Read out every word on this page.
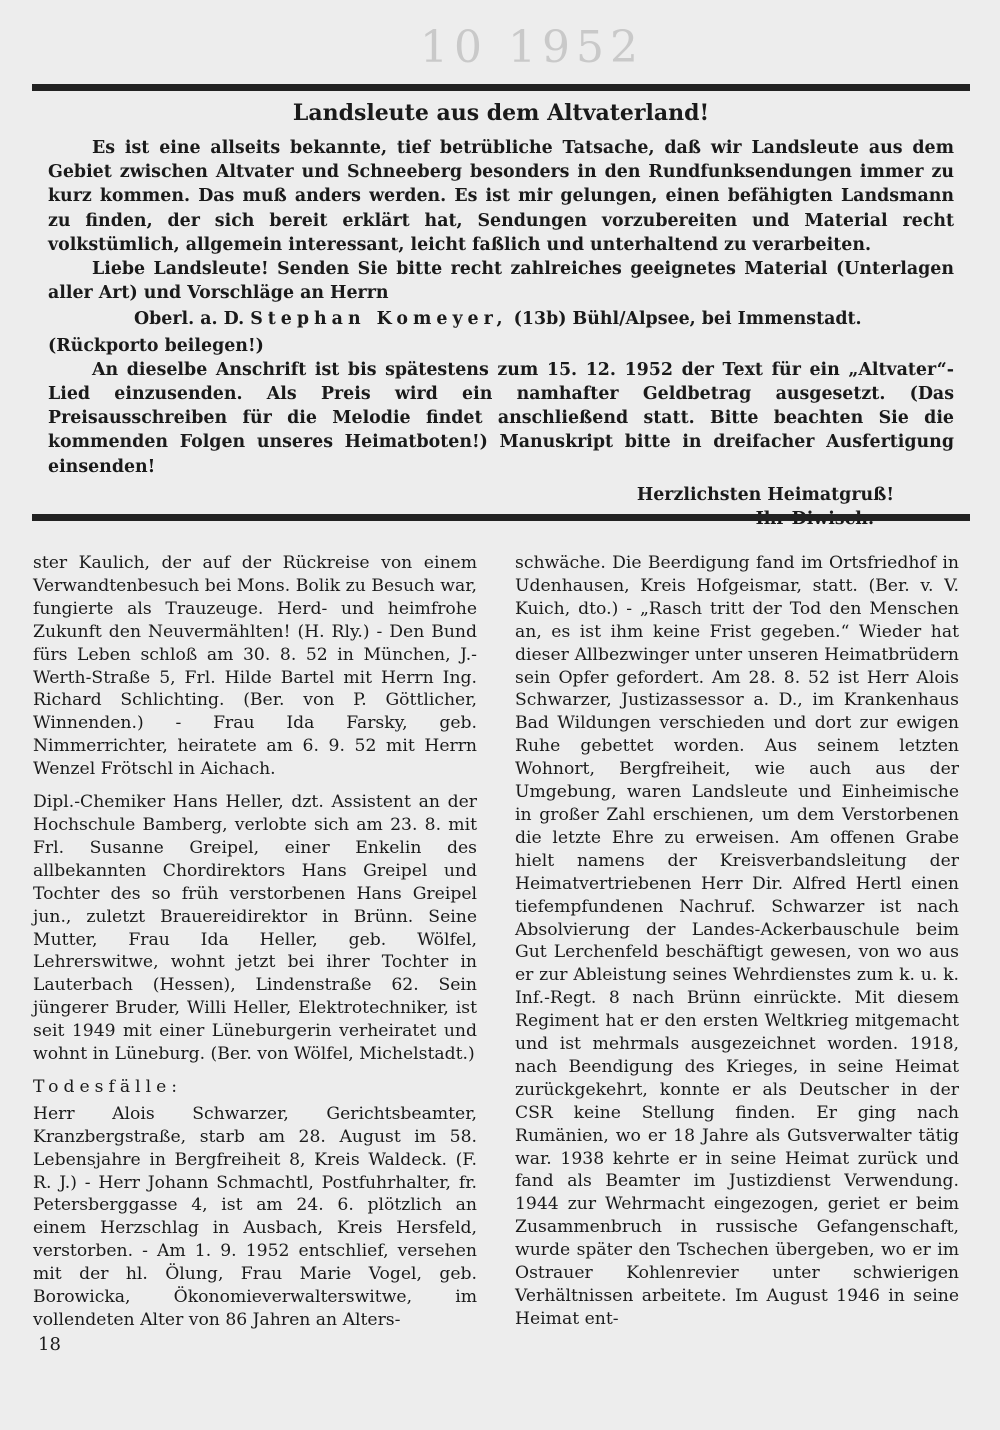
10 1952
Landsleute aus dem Altvaterland!

Es ist eine allseits bekannte, tief betrübliche Tatsache, daß wir Landsleute aus dem Gebiet zwischen Altvater und Schneeberg besonders in den Rundfunksendungen immer zu kurz kommen. Das muß anders werden. Es ist mir gelungen, einen befähigten Landsmann zu finden, der sich bereit erklärt hat, Sendungen vorzubereiten und Material recht volkstümlich, allgemein interessant, leicht faßlich und unterhaltend zu verarbeiten.

Liebe Landsleute! Senden Sie bitte recht zahlreiches geeignetes Material (Unterlagen aller Art) und Vorschläge an Herrn

Oberl. a. D. Stephan Komeyer, (13b) Bühl/Alpsee, bei Immenstadt.

(Rückporto beilegen!)

An dieselbe Anschrift ist bis spätestens zum 15. 12. 1952 der Text für ein „Altvater“-Lied einzusenden. Als Preis wird ein namhafter Geldbetrag ausgesetzt. (Das Preisausschreiben für die Melodie findet anschließend statt. Bitte beachten Sie die kommenden Folgen unseres Heimatboten!) Manuskript bitte in dreifacher Ausfertigung einsenden!

Herzlichsten Heimatgruß!

ster Kaulich, der auf der Rückreise von einem Verwandtenbesuch bei Mons. Bolik zu Besuch war, fungierte als Trauzeuge. Herd- und heimfrohe Zukunft den Neuvermählten! (H. Rly.) - Den Bund fürs Leben schloß am 30. 8. 52 in München, J.-Werth-Straße 5, Frl. Hilde Bartel mit Herrn Ing. Richard Schlichting. (Ber. von P. Göttlicher, Winnenden.) - Frau Ida Farsky, geb. Nimmerrichter, heiratete am 6. 9. 52 mit Herrn Wenzel Frötschl in Aichach.

Dipl.-Chemiker Hans Heller, dzt. Assistent an der Hochschule Bamberg, verlobte sich am 23. 8. mit Frl. Susanne Greipel, einer Enkelin des allbekannten Chordirektors Hans Greipel und Tochter des so früh verstorbenen Hans Greipel jun., zuletzt Brauereidirektor in Brünn. Seine Mutter, Frau Ida Heller, geb. Wölfel, Lehrerswitwe, wohnt jetzt bei ihrer Tochter in Lauterbach (Hessen), Lindenstraße 62. Sein jüngerer Bruder, Willi Heller, Elektrotechniker, ist seit 1949 mit einer Lüneburgerin verheiratet und wohnt in Lüneburg. (Ber. von Wölfel, Michelstadt.)

Todesfälle:

Herr Alois Schwarzer, Gerichtsbeamter, Kranzbergstraße, starb am 28. August im 58. Lebensjahre in Bergfreiheit 8, Kreis Waldeck. (F. R. J.) - Herr Johann Schmachtl, Postfuhrhalter, fr. Petersberggasse 4, ist am 24. 6. plötzlich an einem Herzschlag in Ausbach, Kreis Hersfeld, verstorben. - Am 1. 9. 1952 entschlief, versehen mit der hl. Ölung, Frau Marie Vogel, geb. Borowicka, Ökonomieverwalterswitwe, im vollendeten Alter von 86 Jahren an Alters-

schwäche. Die Beerdigung fand im Ortsfriedhof in Udenhausen, Kreis Hofgeismar, statt. (Ber. v. V. Kuich, dto.) - „Rasch tritt der Tod den Menschen an, es ist ihm keine Frist gegeben.“ Wieder hat dieser Allbezwinger unter unseren Heimatbrüdern sein Opfer gefordert. Am 28. 8. 52 ist Herr Alois Schwarzer, Justizassessor a. D., im Krankenhaus Bad Wildungen verschieden und dort zur ewigen Ruhe gebettet worden. Aus seinem letzten Wohnort, Bergfreiheit, wie auch aus der Umgebung, waren Landsleute und Einheimische in großer Zahl erschienen, um dem Verstorbenen die letzte Ehre zu erweisen. Am offenen Grabe hielt namens der Kreisverbandsleitung der Heimatvertriebenen Herr Dir. Alfred Hertl einen tiefempfundenen Nachruf. Schwarzer ist nach Absolvierung der Landes-Ackerbauschule beim Gut Lerchenfeld beschäftigt gewesen, von wo aus er zur Ableistung seines Wehrdienstes zum k. u. k. Inf.-Regt. 8 nach Brünn einrückte. Mit diesem Regiment hat er den ersten Weltkrieg mitgemacht und ist mehrmals ausgezeichnet worden. 1918, nach Beendigung des Krieges, in seine Heimat zurückgekehrt, konnte er als Deutscher in der CSR keine Stellung finden. Er ging nach Rumänien, wo er 18 Jahre als Gutsverwalter tätig war. 1938 kehrte er in seine Heimat zurück und fand als Beamter im Justizdienst Verwendung. 1944 zur Wehrmacht eingezogen, geriet er beim Zusammenbruch in russische Gefangenschaft, wurde später den Tschechen übergeben, wo er im Ostrauer Kohlenrevier unter schwierigen Verhältnissen arbeitete. Im August 1946 in seine Heimat ent-

18
